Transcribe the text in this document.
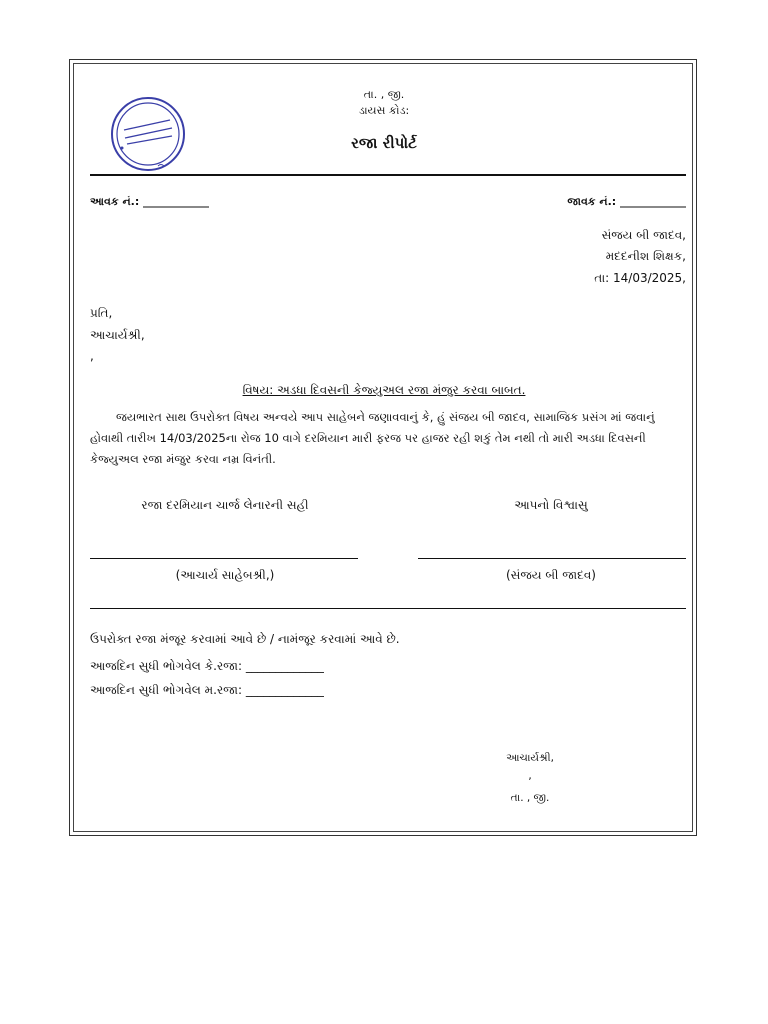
તા. , જી.
ડાયસ કોડ:
રજા રીપોર્ટ
આવક નં.: ____________	જાવક નં.: ____________
સંજય બી જાદવ,
મદદનીશ શિક્ષક,
તા: 14/03/2025,
પ્રતિ,
આચાર્યશ્રી,
,
વિષય: અડધા દિવસની કેજ્યુઅલ રજા મંજુર કરવા બાબત.
જયભારત સાથ ઉપરોક્ત વિષય અન્વયે આપ સાહેબને જણાવવાનું કે, હું સંજય બી જાદવ, સામાજિક પ્રસંગ માં જવાનું
હોવાથી તારીખ 14/03/2025ના રોજ 10 વાગે દરમિયાન મારી ફરજ પર હાજર રહી શકું તેમ નથી તો મારી અડધા દિવસની
કેજ્યુઅલ રજા મંજુર કરવા નમ્ર વિનંતી.
રજા દરમિયાન ચાર્જ લેનારની સહી	આપનો વિશ્વાસુ
(આચાર્ય સાહેબશ્રી,)	(સંજય બી જાદવ)
ઉપરોક્ત રજા મંજૂર કરવામાં આવે છે / નામંજૂર કરવામાં આવે છે.
આજદિન સુધી ભોગવેલ કે.રજા: _____________
આજદિન સુધી ભોગવેલ મ.રજા: _____________
આચાર્યશ્રી,
,
તા. , જી.
